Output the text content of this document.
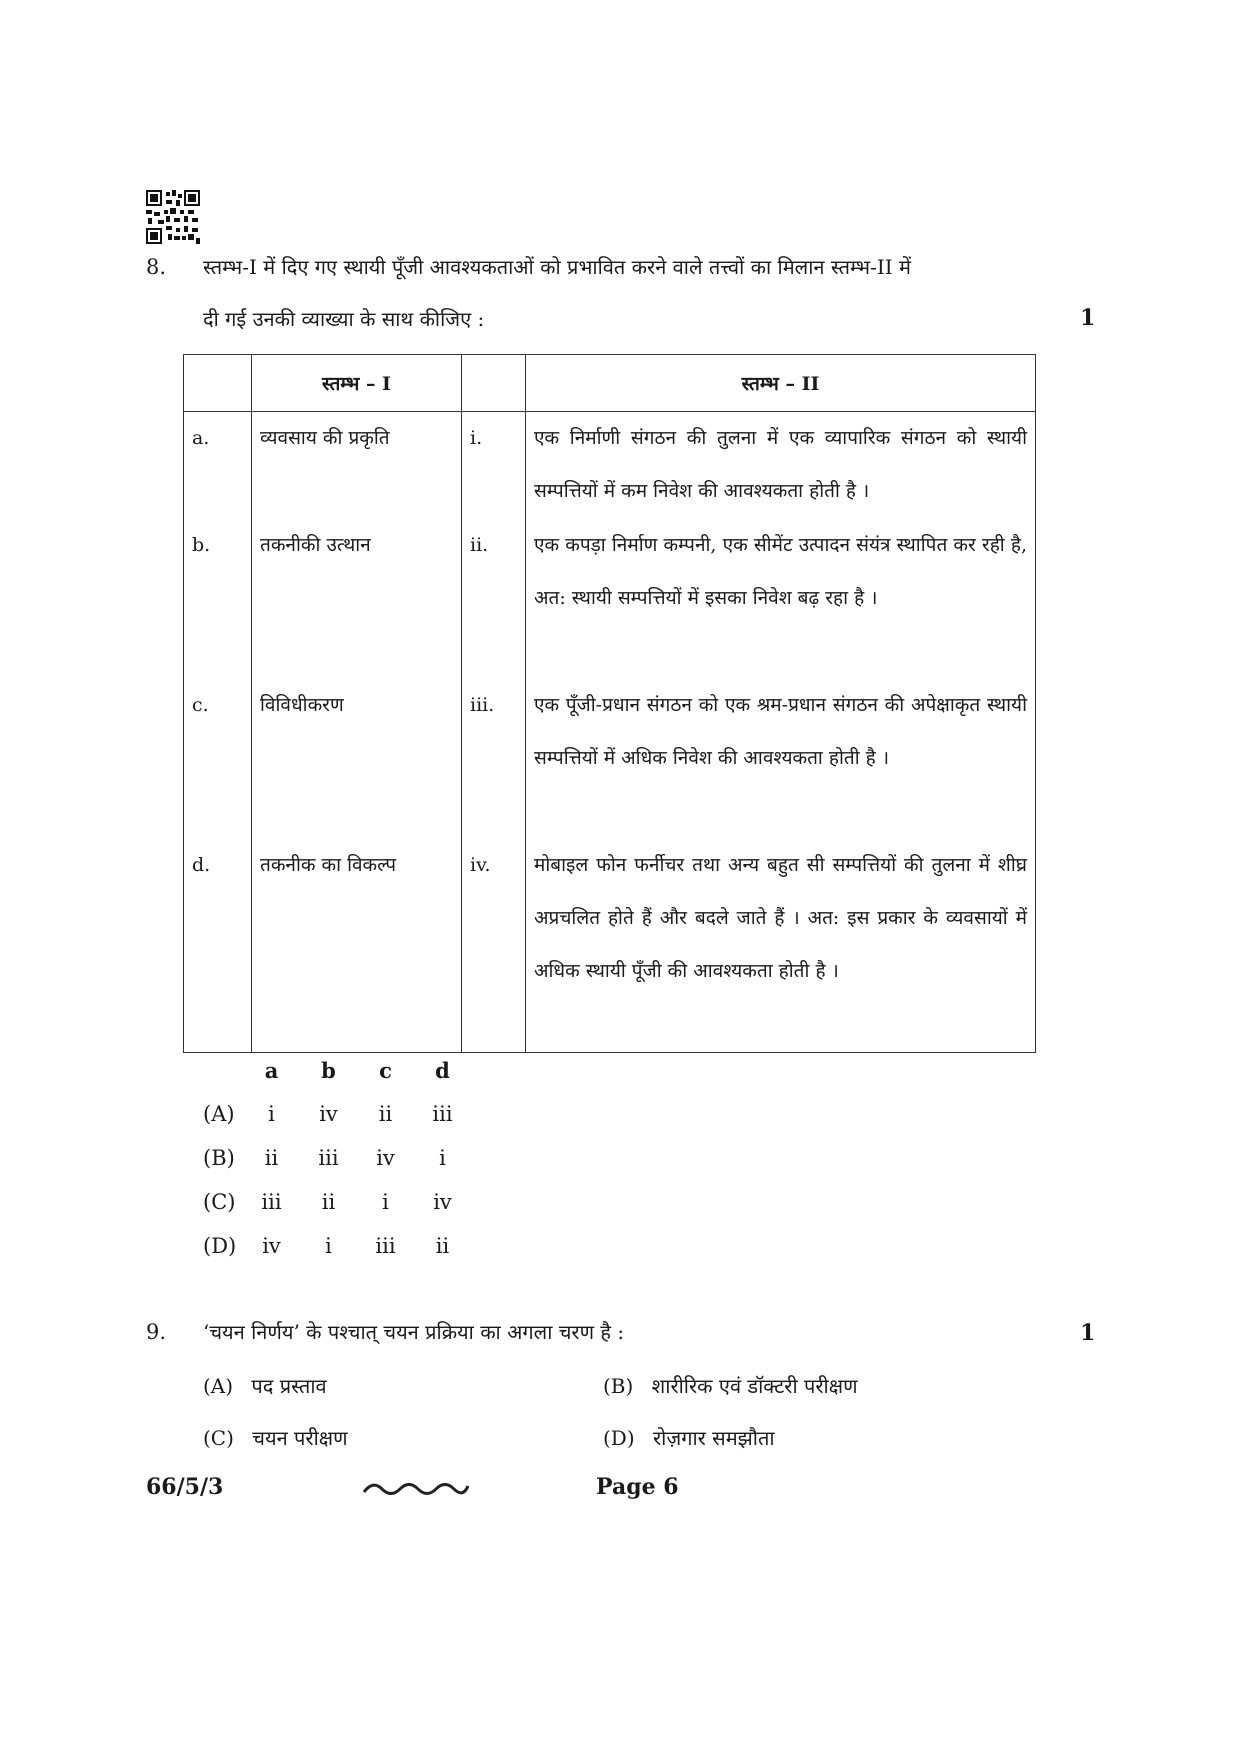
8. स्तम्भ-I में दिए गए स्थायी पूँजी आवश्यकताओं को प्रभावित करने वाले तत्त्वों का मिलान स्तम्भ-II में
दी गई उनकी व्याख्या के साथ कीजिए :	1
	स्तम्भ – I		स्तम्भ – II
a.	व्यवसाय की प्रकृति	i.	एक निर्माणी संगठन की तुलना में एक व्यापारिक संगठन को स्थायी सम्पत्तियों में कम निवेश की आवश्यकता होती है ।
b.	तकनीकी उत्थान	ii.	एक कपड़ा निर्माण कम्पनी, एक सीमेंट उत्पादन संयंत्र स्थापित कर रही है, अत: स्थायी सम्पत्तियों में इसका निवेश बढ़ रहा है ।
c.	विविधीकरण	iii.	एक पूँजी-प्रधान संगठन को एक श्रम-प्रधान संगठन की अपेक्षाकृत स्थायी सम्पत्तियों में अधिक निवेश की आवश्यकता होती है ।
d.	तकनीक का विकल्प	iv.	मोबाइल फोन फर्नीचर तथा अन्य बहुत सी सम्पत्तियों की तुलना में शीघ्र अप्रचलित होते हैं और बदले जाते हैं । अत: इस प्रकार के व्यवसायों में अधिक स्थायी पूँजी की आवश्यकता होती है ।
a	b	c	d
(A)	i	iv	ii	iii
(B)	ii	iii	iv	i
(C)	iii	ii	i	iv
(D)	iv	i	iii	ii
9. ‘चयन निर्णय’ के पश्चात् चयन प्रक्रिया का अगला चरण है :	1
(A) पद प्रस्ताव	(B) शारीरिक एवं डॉक्टरी परीक्षण
(C) चयन परीक्षण	(D) रोज़गार समझौता
66/5/3	Page 6
